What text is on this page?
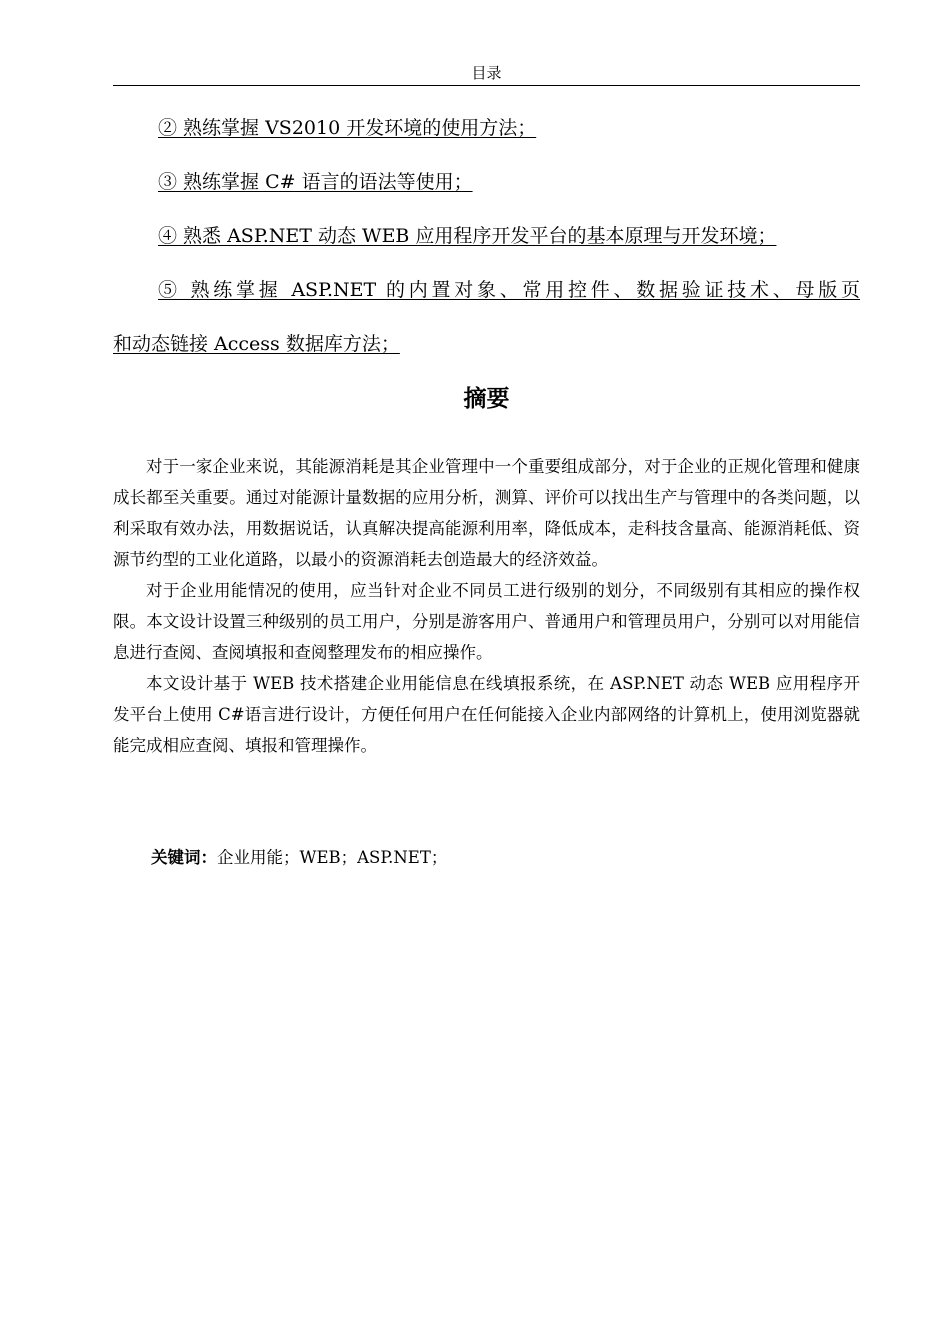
目录
② 熟练掌握 VS2010 开发环境的使用方法；
③ 熟练掌握 C# 语言的语法等使用；
④ 熟悉 ASP.NET 动态 WEB 应用程序开发平台的基本原理与开发环境；
⑤ 熟练掌握 ASP.NET 的内置对象、常用控件、数据验证技术、母版页
和动态链接 Access 数据库方法；
摘要

对于一家企业来说，其能源消耗是其企业管理中一个重要组成部分，对于企业的正规化管理和健康成长都至关重要。通过对能源计量数据的应用分析，测算、评价可以找出生产与管理中的各类问题，以利采取有效办法，用数据说话，认真解决提高能源利用率，降低成本，走科技含量高、能源消耗低、资源节约型的工业化道路，以最小的资源消耗去创造最大的经济效益。

对于企业用能情况的使用，应当针对企业不同员工进行级别的划分，不同级别有其相应的操作权限。本文设计设置三种级别的员工用户，分别是游客用户、普通用户和管理员用户，分别可以对用能信息进行查阅、查阅填报和查阅整理发布的相应操作。

本文设计基于 WEB 技术搭建企业用能信息在线填报系统，在 ASP.NET 动态 WEB 应用程序开发平台上使用 C#语言进行设计，方便任何用户在任何能接入企业内部网络的计算机上，使用浏览器就能完成相应查阅、填报和管理操作。

关键词：企业用能；WEB；ASP.NET；
